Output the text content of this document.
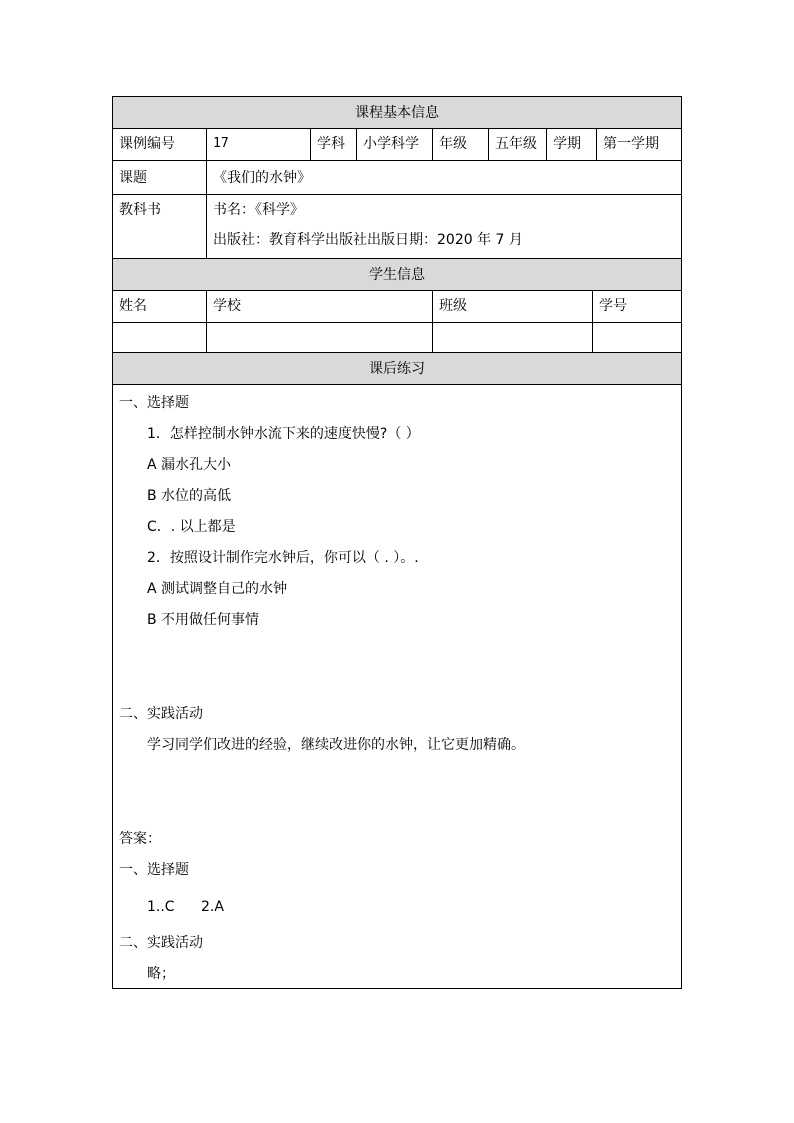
课程基本信息
课例编号	17	学科	小学科学	年级	五年级	学期	第一学期
课题	《我们的水钟》
教科书	书名：《科学》
出版社：教育科学出版社出版日期：2020 年 7 月
学生信息
姓名	学校	班级	学号
课后练习
一、选择题
1．怎样控制水钟水流下来的速度快慢?（ ）
A 漏水孔大小
B 水位的高低
C．. 以上都是
2．按照设计制作完水钟后，你可以（ . ）。.
A 测试调整自己的水钟
B 不用做任何事情
二、实践活动
学习同学们改进的经验，继续改进你的水钟，让它更加精确。
答案：
一、选择题
1..C 2.A
二、实践活动
略；
